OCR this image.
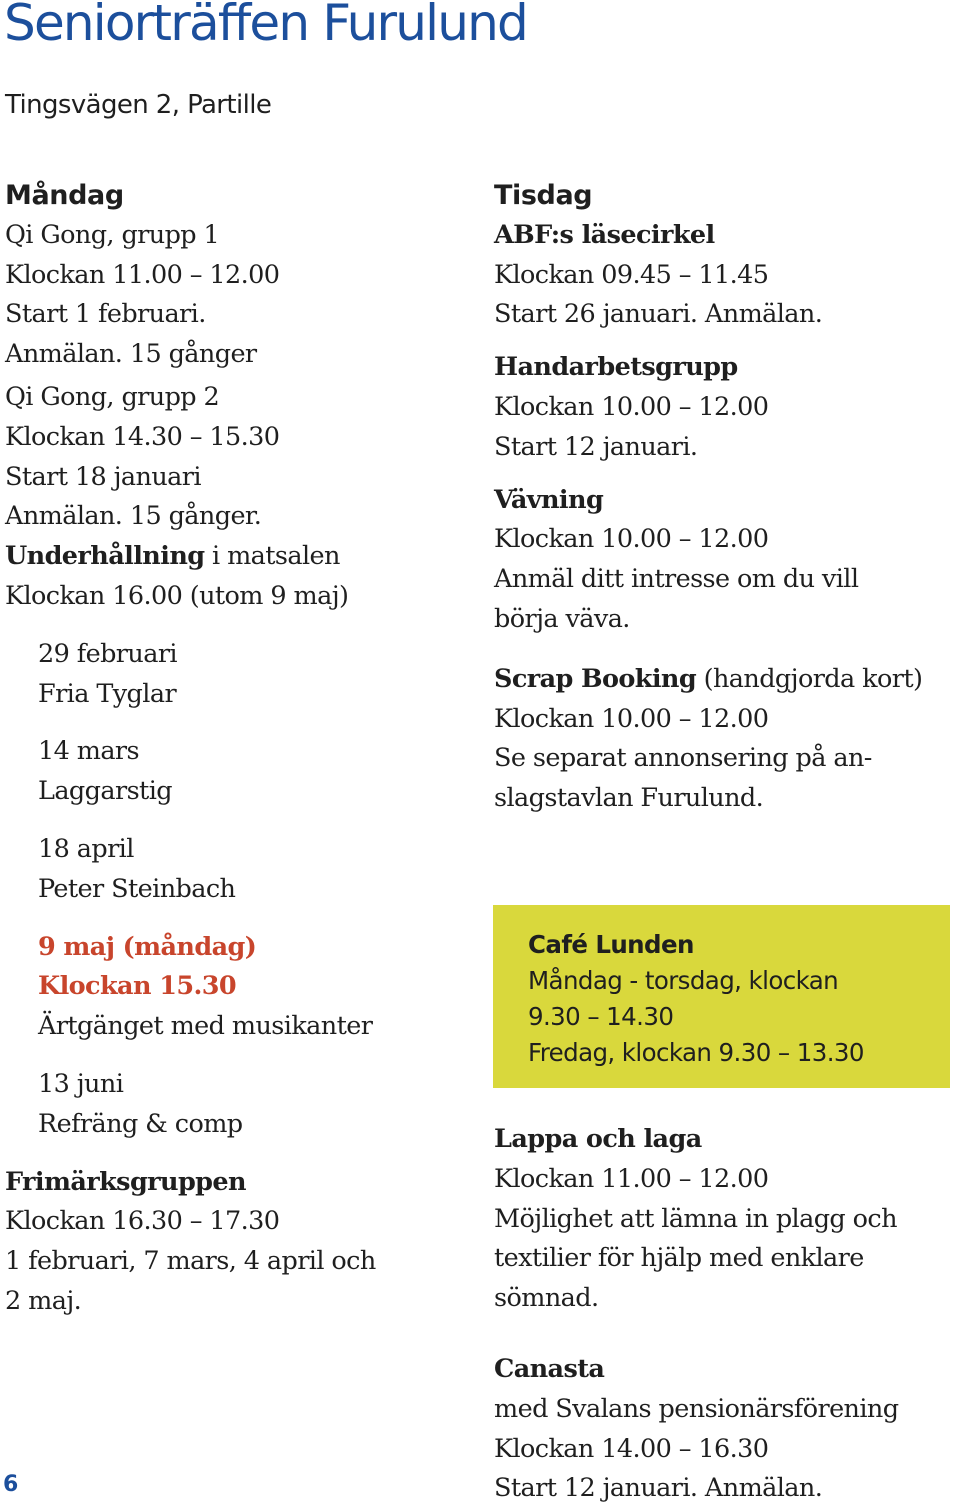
Seniorträffen Furulund
Tingsvägen 2, Partille
Måndag
Qi Gong, grupp 1
Klockan 11.00 – 12.00
Start 1 februari.
Anmälan. 15 gånger
Qi Gong, grupp 2
Klockan 14.30 – 15.30
Start 18 januari
Anmälan. 15 gånger.
Underhållning i matsalen
Klockan 16.00 (utom 9 maj)
29 februari
Fria Tyglar
14 mars
Laggarstig
18 april
Peter Steinbach
9 maj (måndag)
Klockan 15.30
Ärtgänget med musikanter
13 juni
Refräng & comp
Frimärksgruppen
Klockan 16.30 – 17.30
1 februari, 7 mars, 4 april och
2 maj.
Tisdag
ABF:s läsecirkel
Klockan 09.45 – 11.45
Start 26 januari. Anmälan.
Handarbetsgrupp
Klockan 10.00 – 12.00
Start 12 januari.
Vävning
Klockan 10.00 – 12.00
Anmäl ditt intresse om du vill
börja väva.
Scrap Booking (handgjorda kort)
Klockan 10.00 – 12.00
Se separat annonsering på an-
slagstavlan Furulund.
Café Lunden
Måndag - torsdag, klockan
9.30 – 14.30
Fredag, klockan 9.30 – 13.30
Lappa och laga
Klockan 11.00 – 12.00
Möjlighet att lämna in plagg och
textilier för hjälp med enklare
sömnad.
Canasta
med Svalans pensionärsförening
Klockan 14.00 – 16.30
Start 12 januari. Anmälan.
6
